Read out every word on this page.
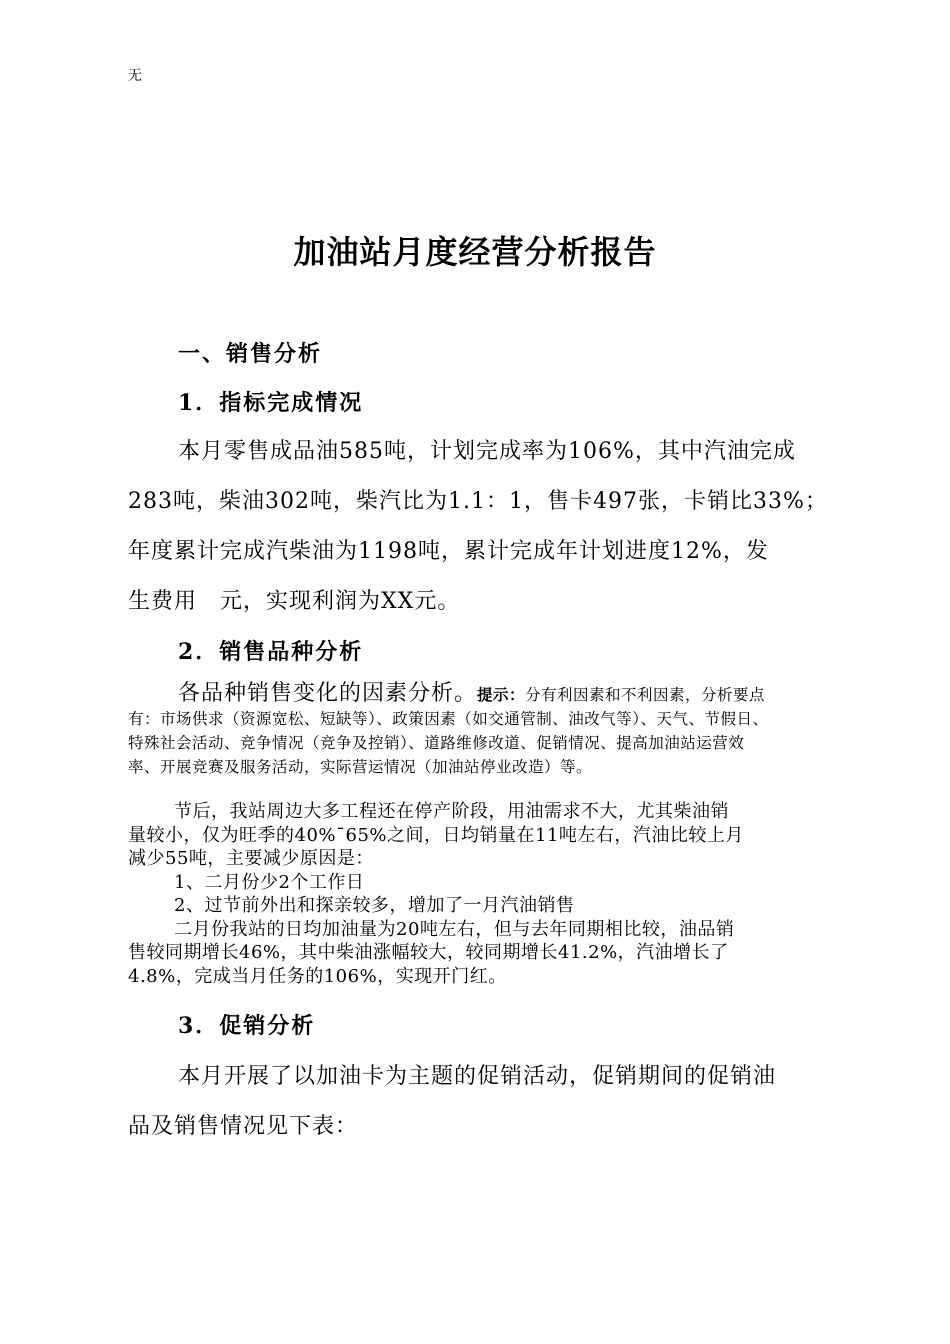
无
加油站月度经营分析报告
一、销售分析
1．指标完成情况
本月零售成品油585吨，计划完成率为106%，其中汽油完成
283吨，柴油302吨，柴汽比为1.1：1，售卡497张，卡销比33%；
年度累计完成汽柴油为1198吨，累计完成年计划进度12%，发
生费用　元，实现利润为XX元。
2．销售品种分析
各品种销售变化的因素分析。提示：分有利因素和不利因素，分析要点
有：市场供求（资源宽松、短缺等）、政策因素（如交通管制、油改气等）、天气、节假日、
特殊社会活动、竞争情况（竞争及控销）、道路维修改道、促销情况、提高加油站运营效
率、开展竞赛及服务活动，实际营运情况（加油站停业改造）等。
节后，我站周边大多工程还在停产阶段，用油需求不大，尤其柴油销
量较小，仅为旺季的40%¯65%之间，日均销量在11吨左右，汽油比较上月
减少55吨，主要减少原因是：
1、二月份少2个工作日
2、过节前外出和探亲较多，增加了一月汽油销售
二月份我站的日均加油量为20吨左右，但与去年同期相比较，油品销
售较同期增长46%，其中柴油涨幅较大，较同期增长41.2%，汽油增长了
4.8%，完成当月任务的106%，实现开门红。
3．促销分析
本月开展了以加油卡为主题的促销活动，促销期间的促销油
品及销售情况见下表：
